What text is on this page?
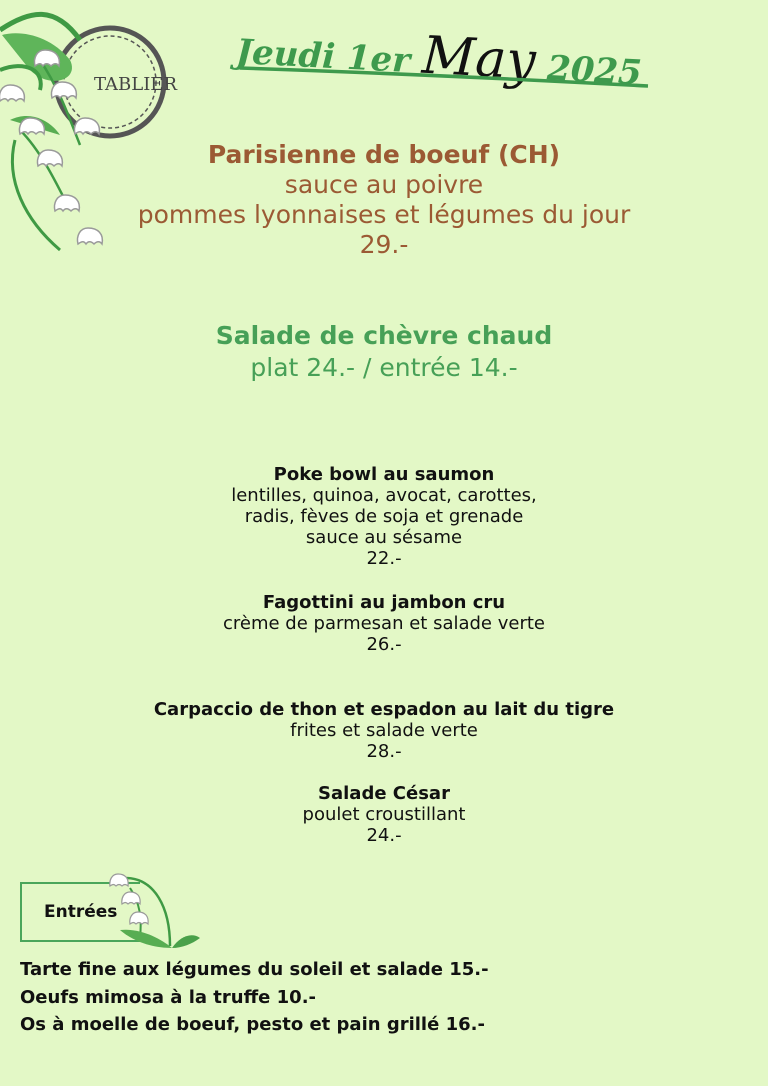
TABLIER
Jeudi 1er May 2025
Parisienne de boeuf (CH)
sauce au poivre
pommes lyonnaises et légumes du jour
29.-
Salade de chèvre chaud
plat 24.- / entrée 14.-
Poke bowl au saumon
lentilles, quinoa, avocat, carottes,
radis, fèves de soja et grenade
sauce au sésame
22.-
Fagottini au jambon cru
crème de parmesan et salade verte
26.-
Carpaccio de thon et espadon au lait du tigre
frites et salade verte
28.-
Salade César
poulet croustillant
24.-
Entrées
Tarte fine aux légumes du soleil et salade 15.-
Oeufs mimosa à la truffe 10.-
Os à moelle de boeuf, pesto et pain grillé 16.-
